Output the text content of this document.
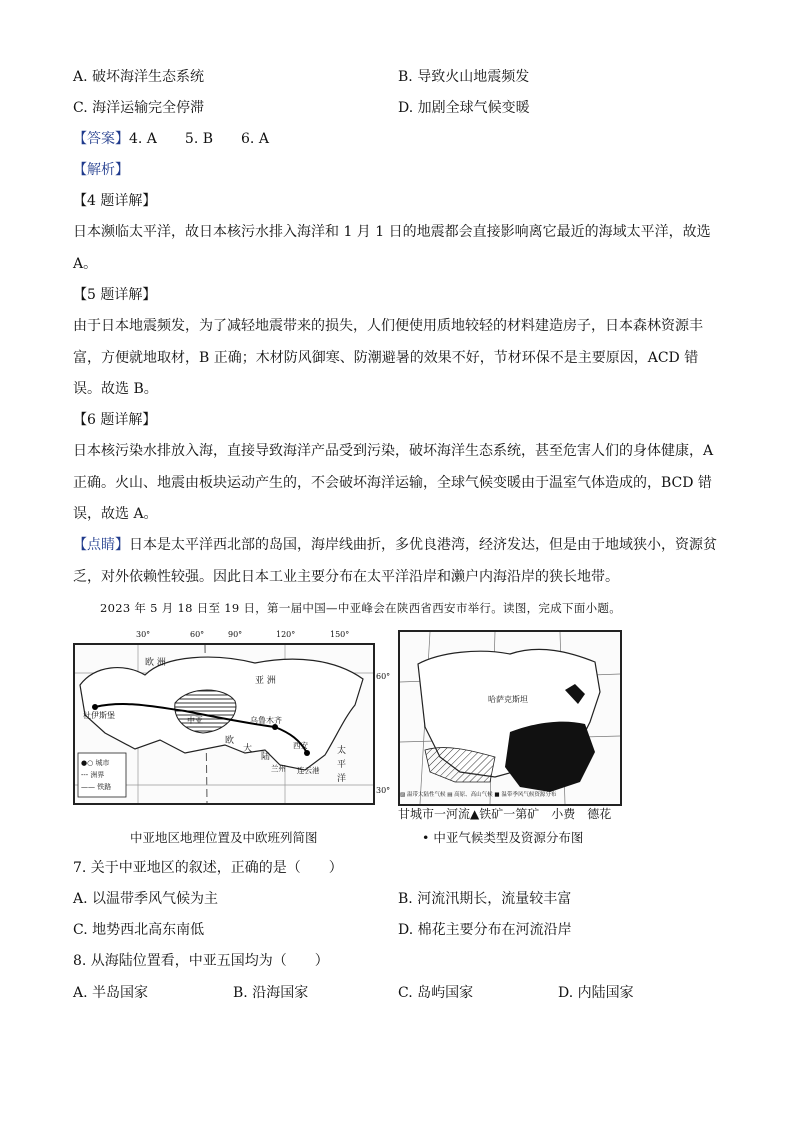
A. 破坏海洋生态系统	B. 导致火山地震频发
C. 海洋运输完全停滞	D. 加剧全球气候变暖
【答案】4. A　　5. B　　6. A
【解析】
【4 题详解】
日本濒临太平洋，故日本核污水排入海洋和 1 月 1 日的地震都会直接影响离它最近的海域太平洋，故选 A。
【5 题详解】
由于日本地震频发，为了减轻地震带来的损失，人们便使用质地较轻的材料建造房子，日本森林资源丰富，方便就地取材，B 正确；木材防风御寒、防潮避暑的效果不好，节材环保不是主要原因，ACD 错误。故选 B。
【6 题详解】
日本核污染水排放入海，直接导致海洋产品受到污染，破坏海洋生态系统，甚至危害人们的身体健康，A 正确。火山、地震由板块运动产生的，不会破坏海洋运输，全球气候变暖由于温室气体造成的，BCD 错误，故选 A。
【点睛】日本是太平洋西北部的岛国，海岸线曲折，多优良港湾，经济发达，但是由于地域狭小，资源贫乏，对外依赖性较强。因此日本工业主要分布在太平洋沿岸和濑户内海沿岸的狭长地带。
2023 年 5 月 18 日至 19 日，第一届中国—中亚峰会在陕西省西安市举行。读图，完成下面小题。
欧 洲
亚 洲
杜伊斯堡
乌鲁木齐
中亚
欧
大
陆
西安
兰州 连云港
太
平
洋
●○ 城市
--- 洲界
—— 铁路
30°	60°	90°	120°	150°
60°
30°
中亚地区地理位置及中欧班列简图
哈萨克斯坦
▨ 温带大陆性气候 ▤ 高原、高山气候 ■ 温带季风气候资源分布
甘城市一河流▲铁矿一第矿　小费　德花
• 中亚气候类型及资源分布图
7. 关于中亚地区的叙述，正确的是（　　）
A. 以温带季风气候为主	B. 河流汛期长，流量较丰富
C. 地势西北高东南低	D. 棉花主要分布在河流沿岸
8. 从海陆位置看，中亚五国均为（　　）
A. 半岛国家	B. 沿海国家	C. 岛屿国家	D. 内陆国家
